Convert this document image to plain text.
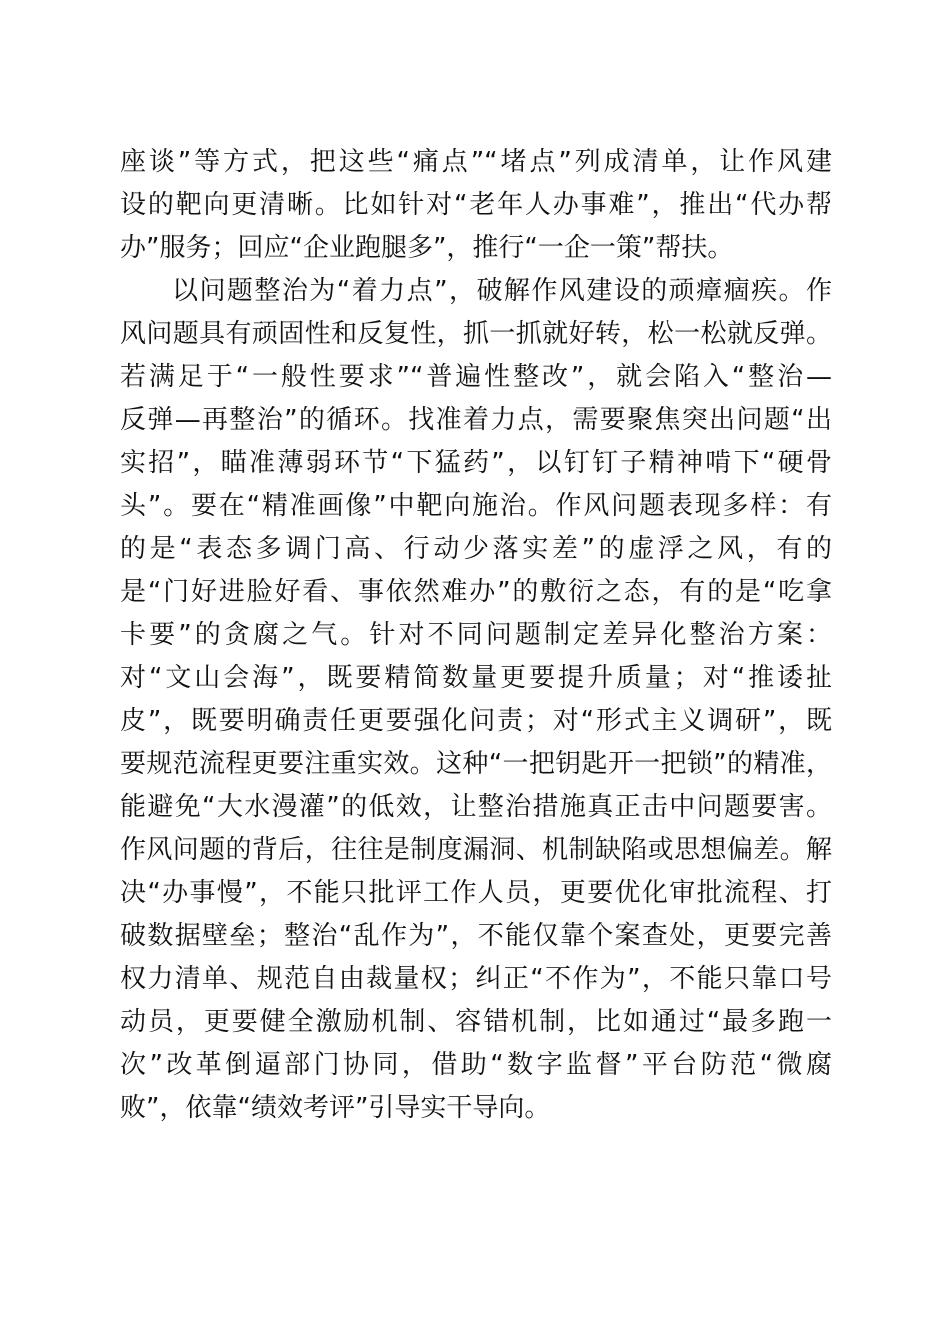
座谈”等方式，把这些“痛点”“堵点”列成清单，让作风建
设的靶向更清晰。比如针对“老年人办事难”，推出“代办帮
办”服务；回应“企业跑腿多”，推行“一企一策”帮扶。
以问题整治为“着力点”，破解作风建设的顽瘴痼疾。作
风问题具有顽固性和反复性，抓一抓就好转，松一松就反弹。
若满足于“一般性要求”“普遍性整改”，就会陷入“整治—
反弹—再整治”的循环。找准着力点，需要聚焦突出问题“出
实招”，瞄准薄弱环节“下猛药”，以钉钉子精神啃下“硬骨
头”。要在“精准画像”中靶向施治。作风问题表现多样：有
的是“表态多调门高、行动少落实差”的虚浮之风，有的
是“门好进脸好看、事依然难办”的敷衍之态，有的是“吃拿
卡要”的贪腐之气。针对不同问题制定差异化整治方案：
对“文山会海”，既要精简数量更要提升质量；对“推诿扯
皮”，既要明确责任更要强化问责；对“形式主义调研”，既
要规范流程更要注重实效。这种“一把钥匙开一把锁”的精准，
能避免“大水漫灌”的低效，让整治措施真正击中问题要害。
作风问题的背后，往往是制度漏洞、机制缺陷或思想偏差。解
决“办事慢”，不能只批评工作人员，更要优化审批流程、打
破数据壁垒；整治“乱作为”，不能仅靠个案查处，更要完善
权力清单、规范自由裁量权；纠正“不作为”，不能只靠口号
动员，更要健全激励机制、容错机制，比如通过“最多跑一
次”改革倒逼部门协同，借助“数字监督”平台防范“微腐
败”，依靠“绩效考评”引导实干导向。
